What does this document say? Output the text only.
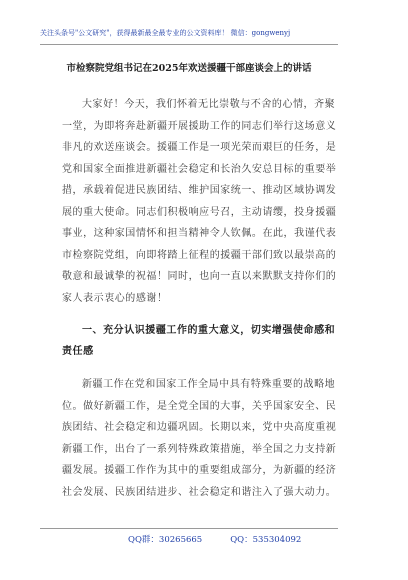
关注头条号"公文研究"，获得最新最全最专业的公文资料库！ 微信：gongwenyj
市检察院党组书记在2025年欢送援疆干部座谈会上的讲话

大家好！今天，我们怀着无比崇敬与不舍的心情，齐聚一堂，为即将奔赴新疆开展援助工作的同志们举行这场意义非凡的欢送座谈会。援疆工作是一项光荣而艰巨的任务，是党和国家全面推进新疆社会稳定和长治久安总目标的重要举措，承载着促进民族团结、维护国家统一、推动区域协调发展的重大使命。同志们积极响应号召，主动请缨，投身援疆事业，这种家国情怀和担当精神令人钦佩。在此，我谨代表市检察院党组，向即将踏上征程的援疆干部们致以最崇高的敬意和最诚挚的祝福！同时，也向一直以来默默支持你们的家人表示衷心的感谢！

一、充分认识援疆工作的重大意义，切实增强使命感和责任感

新疆工作在党和国家工作全局中具有特殊重要的战略地位。做好新疆工作，是全党全国的大事，关乎国家安全、民族团结、社会稳定和边疆巩固。长期以来，党中央高度重视新疆工作，出台了一系列特殊政策措施，举全国之力支持新疆发展。援疆工作作为其中的重要组成部分，为新疆的经济社会发展、民族团结进步、社会稳定和谐注入了强大动力。

QQ群：30265665	QQ：535304092
